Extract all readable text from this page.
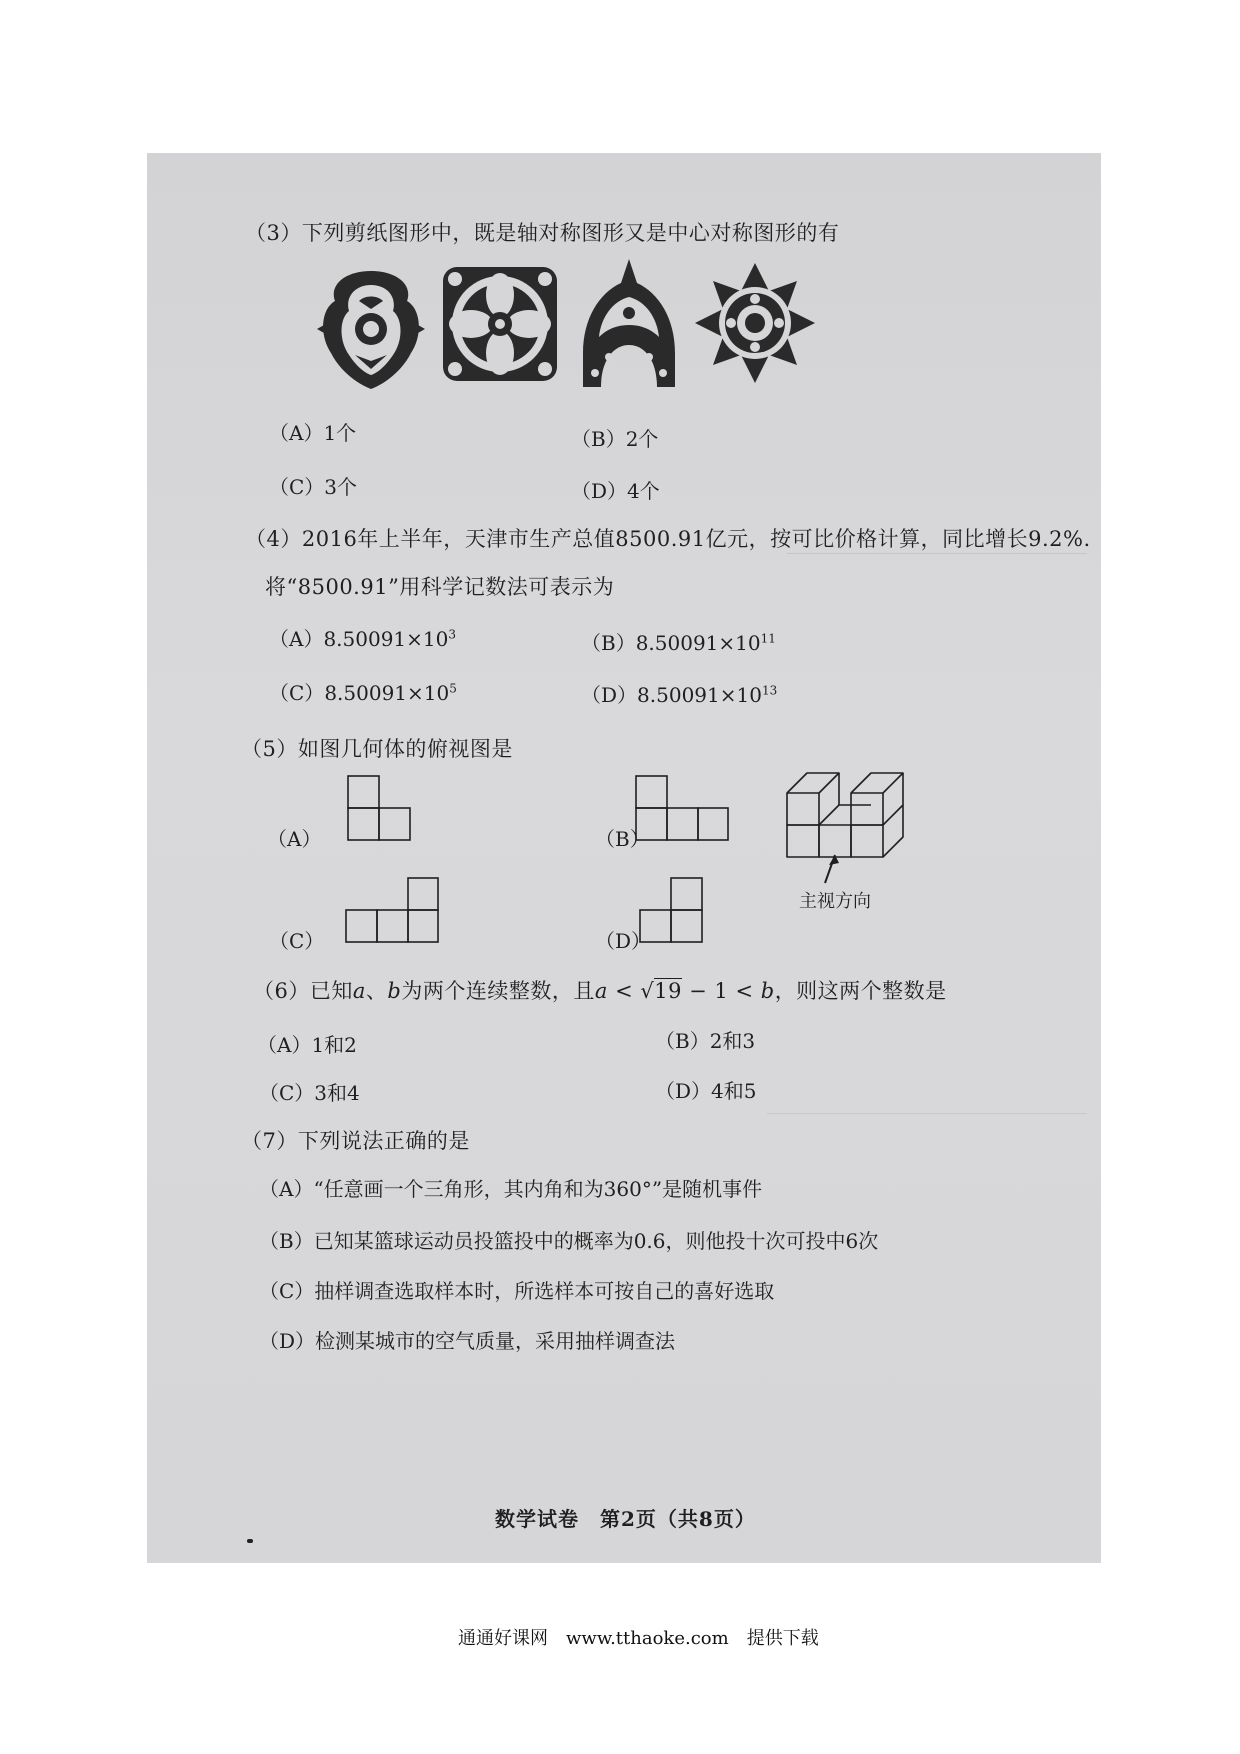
（3）下列剪纸图形中，既是轴对称图形又是中心对称图形的有
（A）1个	（B）2个
（C）3个	（D）4个
（4）2016年上半年，天津市生产总值8500.91亿元，按可比价格计算，同比增长9.2%.
将“8500.91”用科学记数法可表示为
$(A)8.50091\times 10^3$	$(B)8.50091\times 10^{11}$
$(C)8.50091\times 10^5$	$(D)8.50091\times 10^{13}$
（5）如图几何体的俯视图是
（A）	（B）
（C）	（D）
主视方向
（6）已知a、b为两个连续整数，且a < √19 − 1 < b，则这两个整数是
（A）1和2	（B）2和3
（C）3和4	（D）4和5
（7）下列说法正确的是
（A）“任意画一个三角形，其内角和为360°”是随机事件
（B）已知某篮球运动员投篮投中的概率为0.6，则他投十次可投中6次
（C）抽样调查选取样本时，所选样本可按自己的喜好选取
（D）检测某城市的空气质量，采用抽样调查法
数学试卷　第2页（共8页）
通通好课网　www.tthaoke.com　提供下载
